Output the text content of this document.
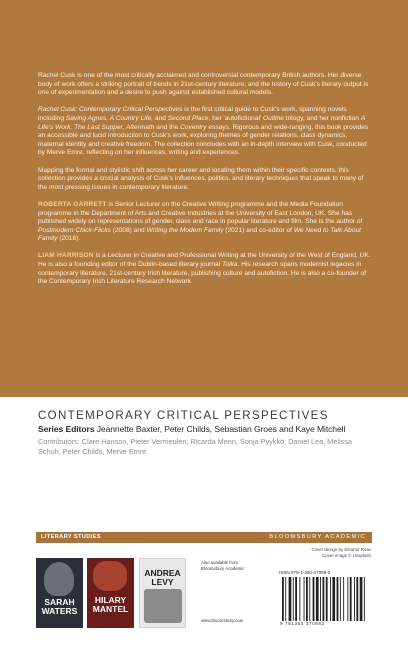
Rachel Cusk is one of the most critically acclaimed and controversial contemporary British authors. Her diverse body of work offers a striking portrait of trends in 21st-century literature, and the history of Cusk's literary output is one of experimentation and a desire to push against established cultural models.

Rachel Cusk: Contemporary Critical Perspectives is the first critical guide to Cusk's work, spanning novels including Saving Agnes, A Country Life, and Second Place, her 'autofictional' Outline trilogy, and her nonfiction A Life's Work, The Last Supper, Aftermath and the Coventry essays. Rigorous and wide-ranging, this book provides an accessible and lucid introduction to Cusk's work, exploring themes of gender relations, class dynamics, maternal identity and creative freedom. The collection concludes with an in-depth interview with Cusk, conducted by Merve Emre, reflecting on her influences, writing and experiences.

Mapping the formal and stylistic shift across her career and locating them within their specific contexts, this collection provides a crucial analysis of Cusk's influences, politics, and literary techniques that speak to many of the most pressing issues in contemporary literature.

ROBERTA GARRETT is Senior Lecturer on the Creative Writing programme and the Media Foundation programme in the Department of Arts and Creative Industries at the University of East London, UK. She has published widely on representations of gender, class and race in popular literature and film. She is the author of Postmodern Chick-Flicks (2008) and Writing the Modern Family (2021) and co-editor of We Need to Talk About Family (2016).

LIAM HARRISON is a Lecturer in Creative and Professional Writing at the University of the West of England, UK. He is also a founding editor of the Dublin-based literary journal Tolka. His research spans modernist legacies in contemporary literature, 21st-century Irish literature, publishing culture and autofiction. He is also a co-founder of the Contemporary Irish Literature Research Network.

CONTEMPORARY CRITICAL PERSPECTIVES
Series Editors Jeannette Baxter, Peter Childs, Sebastian Groes and Kaye Mitchell
Contributors: Clare Hanson, Pieter Vermeulen, Ricarda Menn, Sonja Pyykkö, Daniel Lea, Melissa Schuh, Peter Childs, Merve Emre
LITERARY STUDIES	BLOOMSBURY ACADEMIC
SARAH
WATERS
HILARY
MANTEL
ANDREA
LEVY
Also available from Bloomsbury Academic
www.bloomsbury.com
Cover design by Eleanor Rose
Cover image © Unsplash
ISBN 978-1-350-37098-2
9 781350 370982
